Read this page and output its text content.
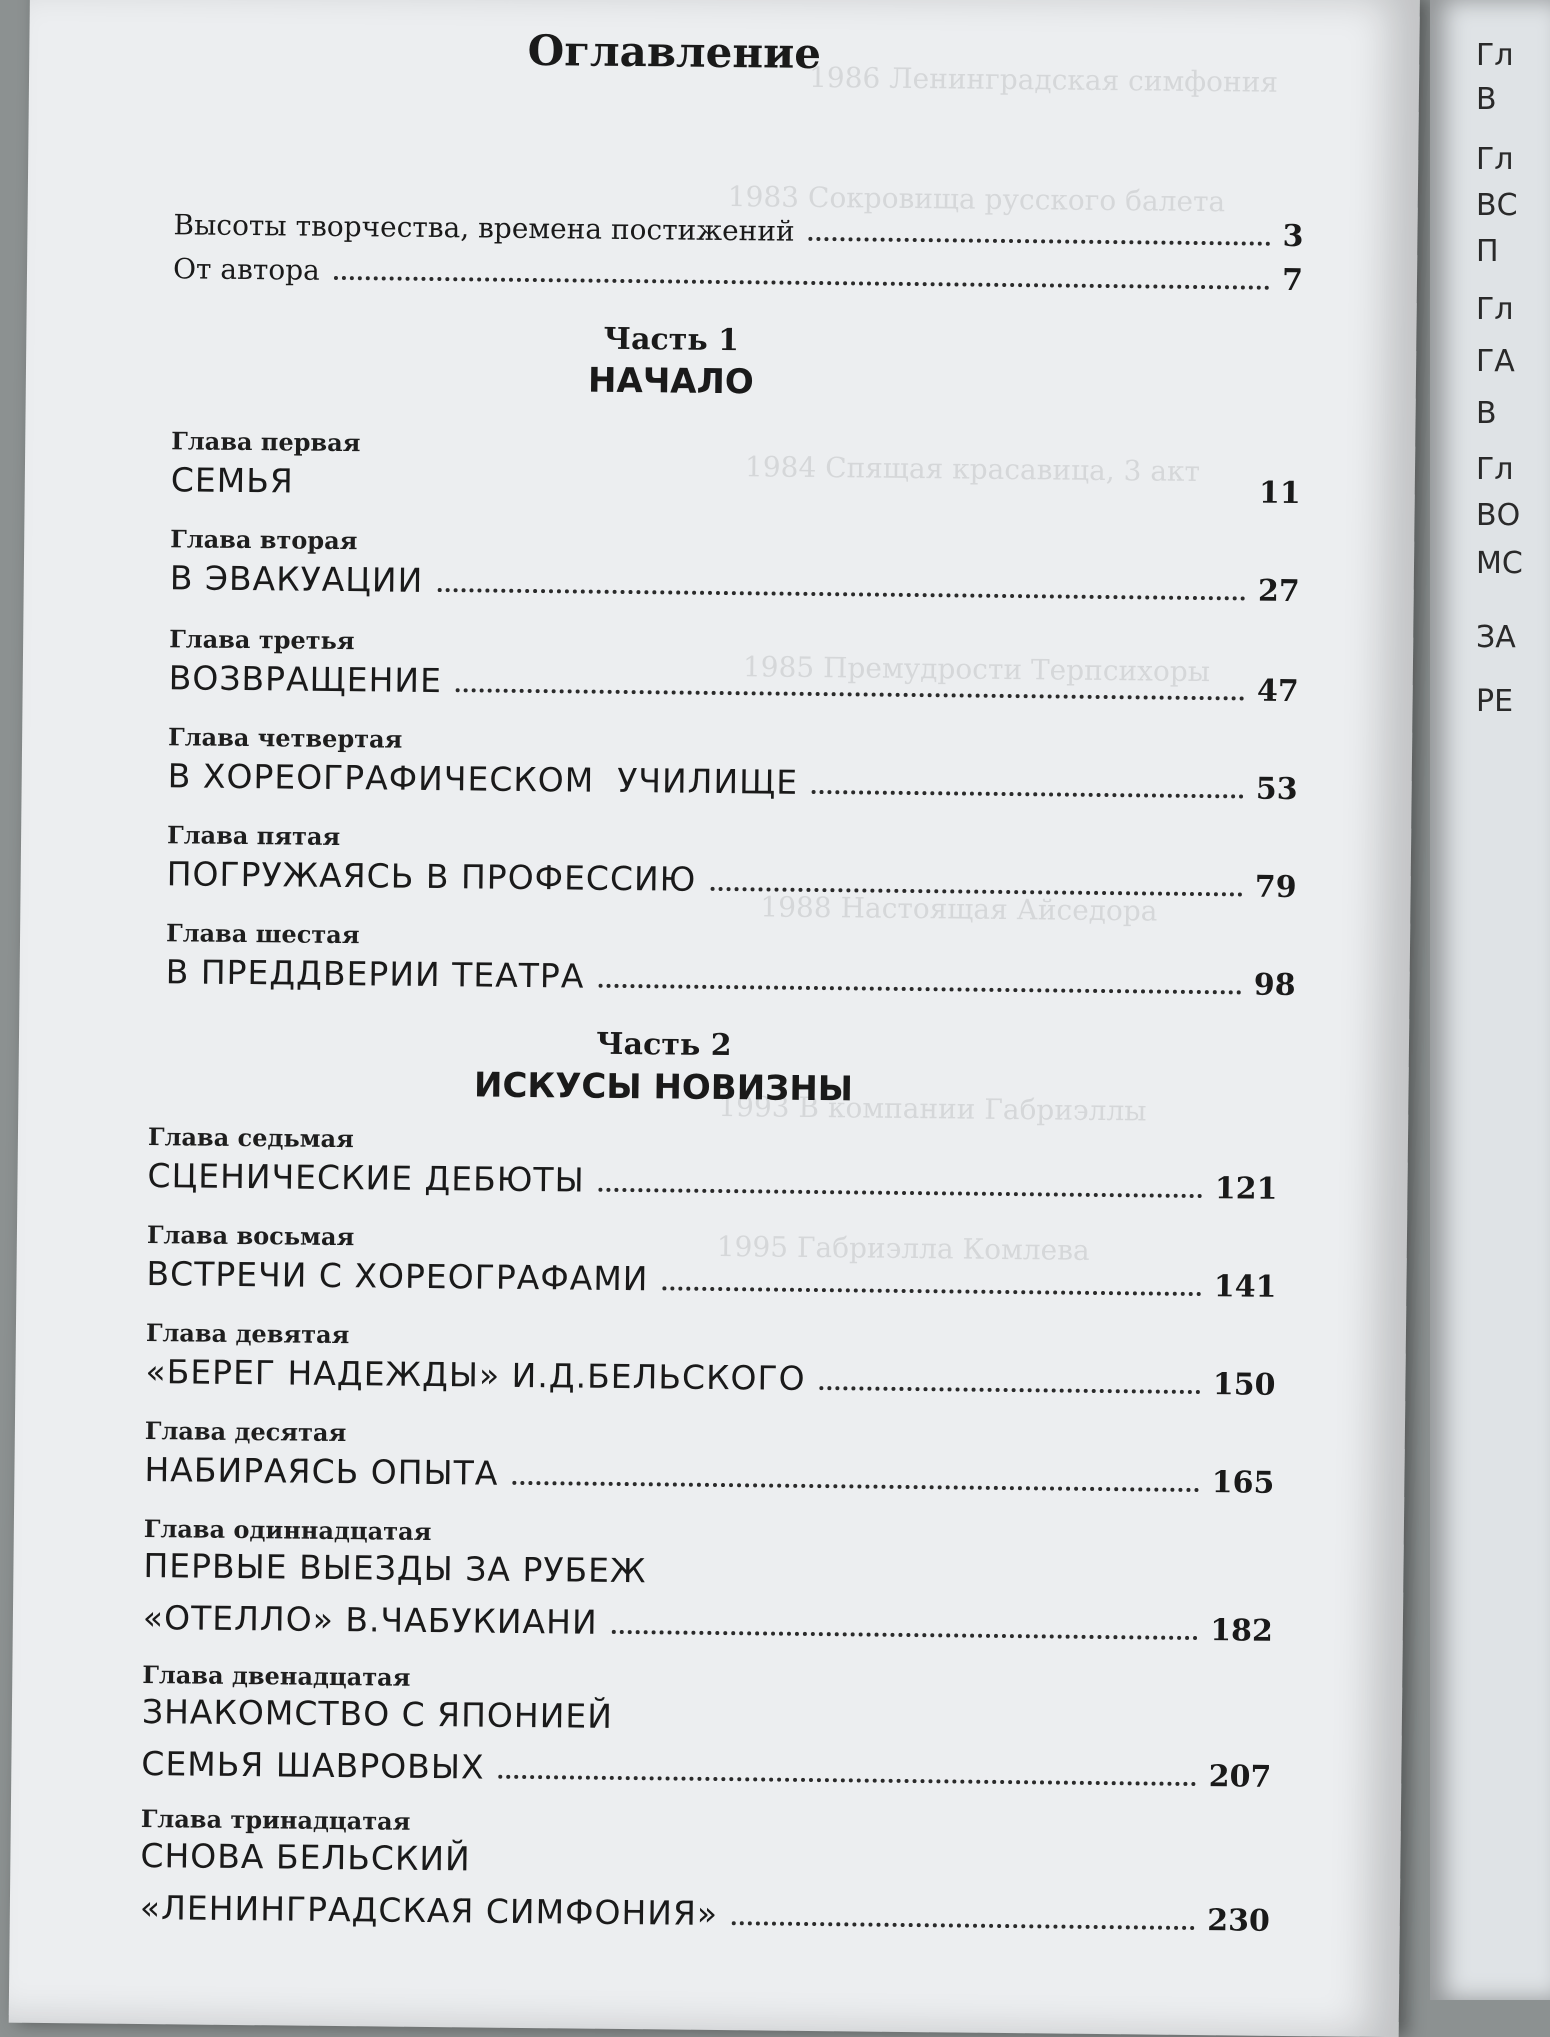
1986 Ленинградская симфония
1983 Сокровища русского балета
1984 Спящая красавица, 3 акт
1985 Премудрости Терпсихоры
1988 Настоящая Айседора
1993 В компании Габриэллы
1995 Габриэлла Комлева
Оглавление
Высоты творчества, времена постижений	3
От автора	7
Часть 1
НАЧАЛО
Глава первая
СЕМЬЯ	11
Глава вторая
В ЭВАКУАЦИИ	27
Глава третья
ВОЗВРАЩЕНИЕ	47
Глава четвертая
В ХОРЕОГРАФИЧЕСКОМ  УЧИЛИЩЕ	53
Глава пятая
ПОГРУЖАЯСЬ В ПРОФЕССИЮ	79
Глава шестая
В ПРЕДДВЕРИИ ТЕАТРА	98
Часть 2
ИСКУСЫ НОВИЗНЫ
Глава седьмая
СЦЕНИЧЕСКИЕ ДЕБЮТЫ	121
Глава восьмая
ВСТРЕЧИ С ХОРЕОГРАФАМИ	141
Глава девятая
«БЕРЕГ НАДЕЖДЫ» И.Д.БЕЛЬСКОГО	150
Глава десятая
НАБИРАЯСЬ ОПЫТА	165
Глава одиннадцатая
ПЕРВЫЕ ВЫЕЗДЫ ЗА РУБЕЖ
«ОТЕЛЛО» В.ЧАБУКИАНИ	182
Глава двенадцатая
ЗНАКОМСТВО С ЯПОНИЕЙ
СЕМЬЯ ШАВРОВЫХ	207
Глава тринадцатая
СНОВА БЕЛЬСКИЙ
«ЛЕНИНГРАДСКАЯ СИМФОНИЯ»	230
Гл
В
Гл
ВС
П
Гл
ГА
В
Гл
ВО
МС
ЗА
РЕ
